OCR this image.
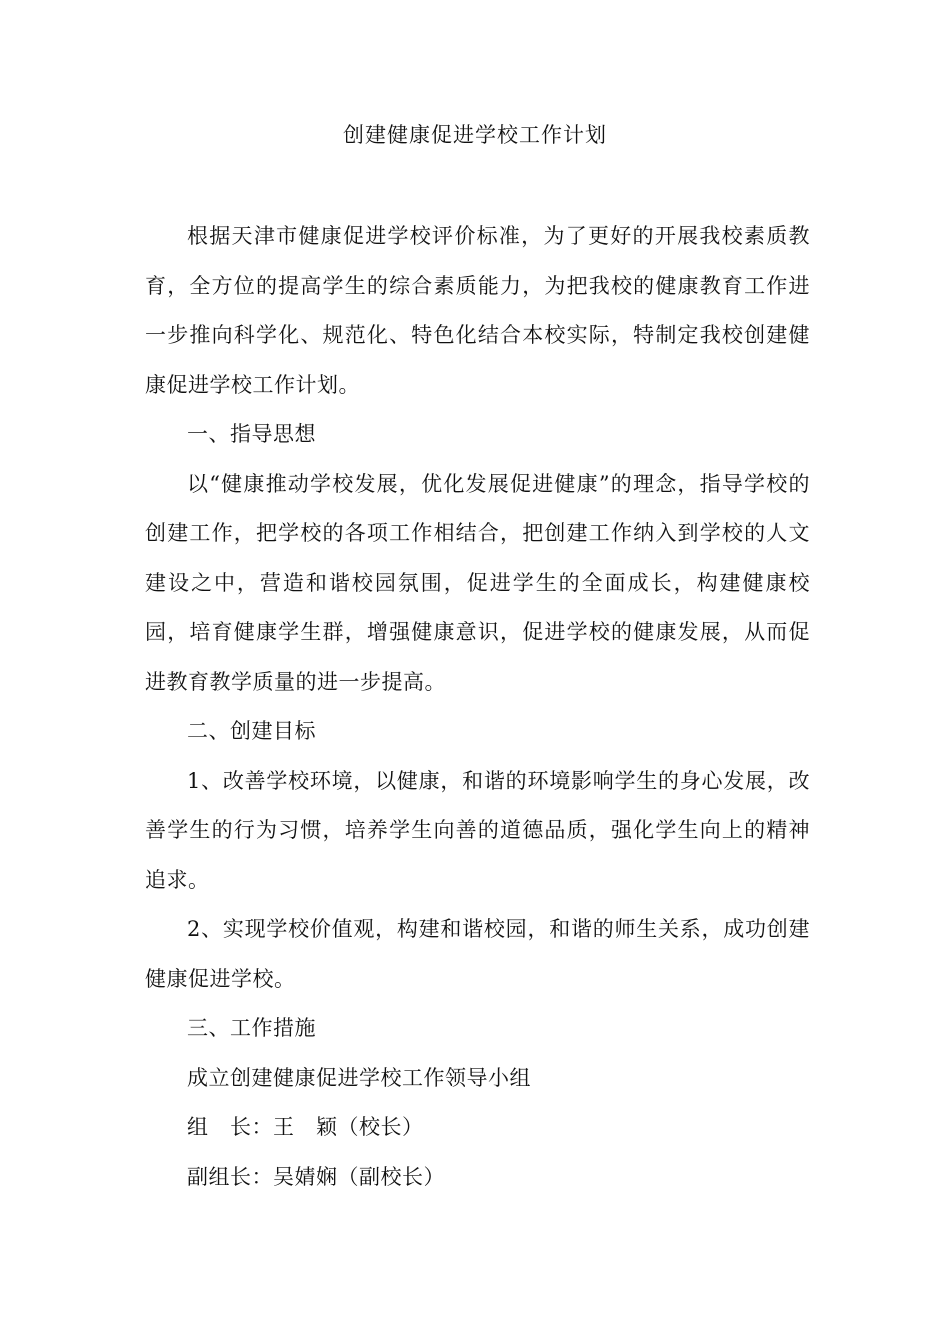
创建健康促进学校工作计划

根据天津市健康促进学校评价标准，为了更好的开展我校素质教育，全方位的提高学生的综合素质能力，为把我校的健康教育工作进一步推向科学化、规范化、特色化结合本校实际，特制定我校创建健康促进学校工作计划。

一、指导思想

以“健康推动学校发展，优化发展促进健康”的理念，指导学校的创建工作，把学校的各项工作相结合，把创建工作纳入到学校的人文建设之中，营造和谐校园氛围，促进学生的全面成长，构建健康校园，培育健康学生群，增强健康意识，促进学校的健康发展，从而促进教育教学质量的进一步提高。

二、创建目标

1、改善学校环境，以健康，和谐的环境影响学生的身心发展，改善学生的行为习惯，培养学生向善的道德品质，强化学生向上的精神追求。

2、实现学校价值观，构建和谐校园，和谐的师生关系，成功创建健康促进学校。

三、工作措施

成立创建健康促进学校工作领导小组

组　长：王　颖（校长）

副组长：吴婧娴（副校长）
